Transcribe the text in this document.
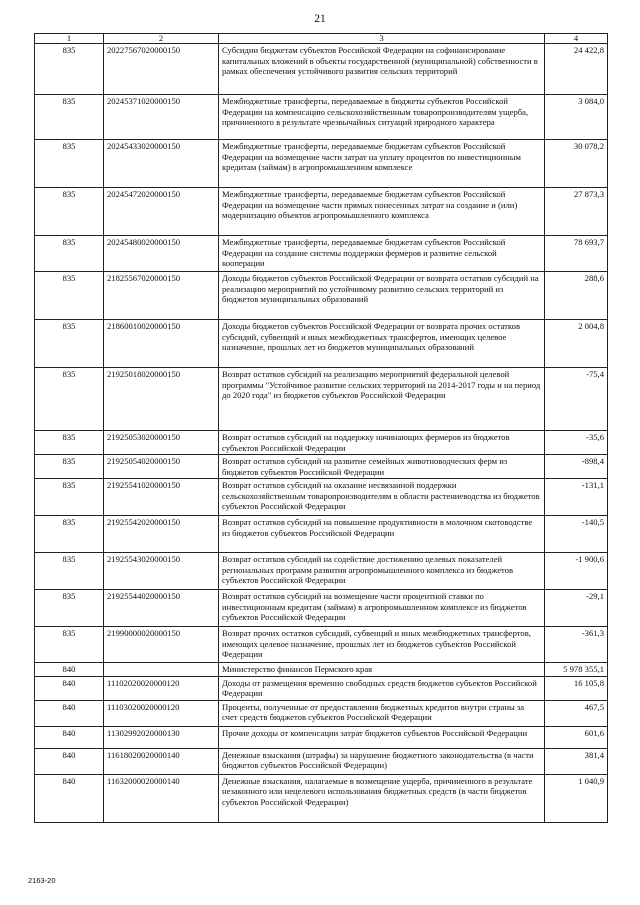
21
1	2	3	4
835	20227567020000150	Субсидии бюджетам субъектов Российской Федерации на софинансирование капитальных вложений в объекты государственной (муниципальной) собственности в рамках обеспечения устойчивого развития сельских территорий	24 422,8
835	20245371020000150	Межбюджетные трансферты, передаваемые в бюджеты субъектов Российской Федерации на компенсацию сельскохозяйственным товаропроизводителям ущерба, причиненного в результате чрезвычайных ситуаций природного характера	3 084,0
835	20245433020000150	Межбюджетные трансферты, передаваемые бюджетам субъектов Российской Федерации на возмещение части затрат на уплату процентов по инвестиционным кредитам (займам) в агропромышленном комплексе	30 078,2
835	20245472020000150	Межбюджетные трансферты, передаваемые бюджетам субъектов Российской Федерации на возмещение части прямых понесенных затрат на создание и (или) модернизацию объектов агропромышленного комплекса	27 873,3
835	20245480020000150	Межбюджетные трансферты, передаваемые бюджетам субъектов Российской Федерации на создание системы поддержки фермеров и развитие сельской кооперации	78 693,7
835	21825567020000150	Доходы бюджетов субъектов Российской Федерации от возврата остатков субсидий на реализацию мероприятий по устойчивому развитию сельских территорий из бюджетов муниципальных образований	288,6
835	21860010020000150	Доходы бюджетов субъектов Российской Федерации от возврата прочих остатков субсидий, субвенций и иных межбюджетных трансфертов, имеющих целевое назначение, прошлых лет из бюджетов муниципальных образований	2 004,8
835	21925018020000150	Возврат остатков субсидий на реализацию мероприятий федеральной целевой программы "Устойчивое развитие сельских территорий на 2014-2017 годы и на период до 2020 года" из бюджетов субъектов Российской Федерации	-75,4
835	21925053020000150	Возврат остатков субсидий на поддержку начинающих фермеров из бюджетов субъектов Российской Федерации	-35,6
835	21925054020000150	Возврат остатков субсидий на развитие семейных животноводческих ферм из бюджетов субъектов Российской Федерации	-898,4
835	21925541020000150	Возврат остатков субсидий на оказание несвязанной поддержки сельскохозяйственным товаропроизводителям в области растениеводства из бюджетов субъектов Российской Федерации	-131,1
835	21925542020000150	Возврат остатков субсидий на повышение продуктивности в молочном скотоводстве из бюджетов субъектов Российской Федерации	-140,5
835	21925543020000150	Возврат остатков субсидий на содействие достижению целевых показателей региональных программ развития агропромышленного комплекса из бюджетов субъектов Российской Федерации	-1 900,6
835	21925544020000150	Возврат остатков субсидий на возмещение части процентной ставки по инвестиционным кредитам (займам) в агропромышленном комплексе из бюджетов субъектов Российской Федерации	-29,1
835	21990000020000150	Возврат прочих остатков субсидий, субвенций и иных межбюджетных трансфертов, имеющих целевое назначение, прошлых лет из бюджетов субъектов Российской Федерации	-361,3
840		Министерство финансов Пермского края	5 978 355,1
840	11102020020000120	Доходы от размещения временно свободных средств бюджетов субъектов Российской Федерации	16 105,8
840	11103020020000120	Проценты, полученные от предоставления бюджетных кредитов внутри страны за счет средств бюджетов субъектов Российской Федерации	467,5
840	11302992020000130	Прочие доходы от компенсации затрат бюджетов субъектов Российской Федерации	601,6
840	11618020020000140	Денежные взыскания (штрафы) за нарушение бюджетного законодательства (в части бюджетов субъектов Российской Федерации)	381,4
840	11632000020000140	Денежные взыскания, налагаемые в возмещение ущерба, причиненного в результате незаконного или нецелевого использования бюджетных средств (в части бюджетов субъектов Российской Федерации)	1 040,9
2163-20
